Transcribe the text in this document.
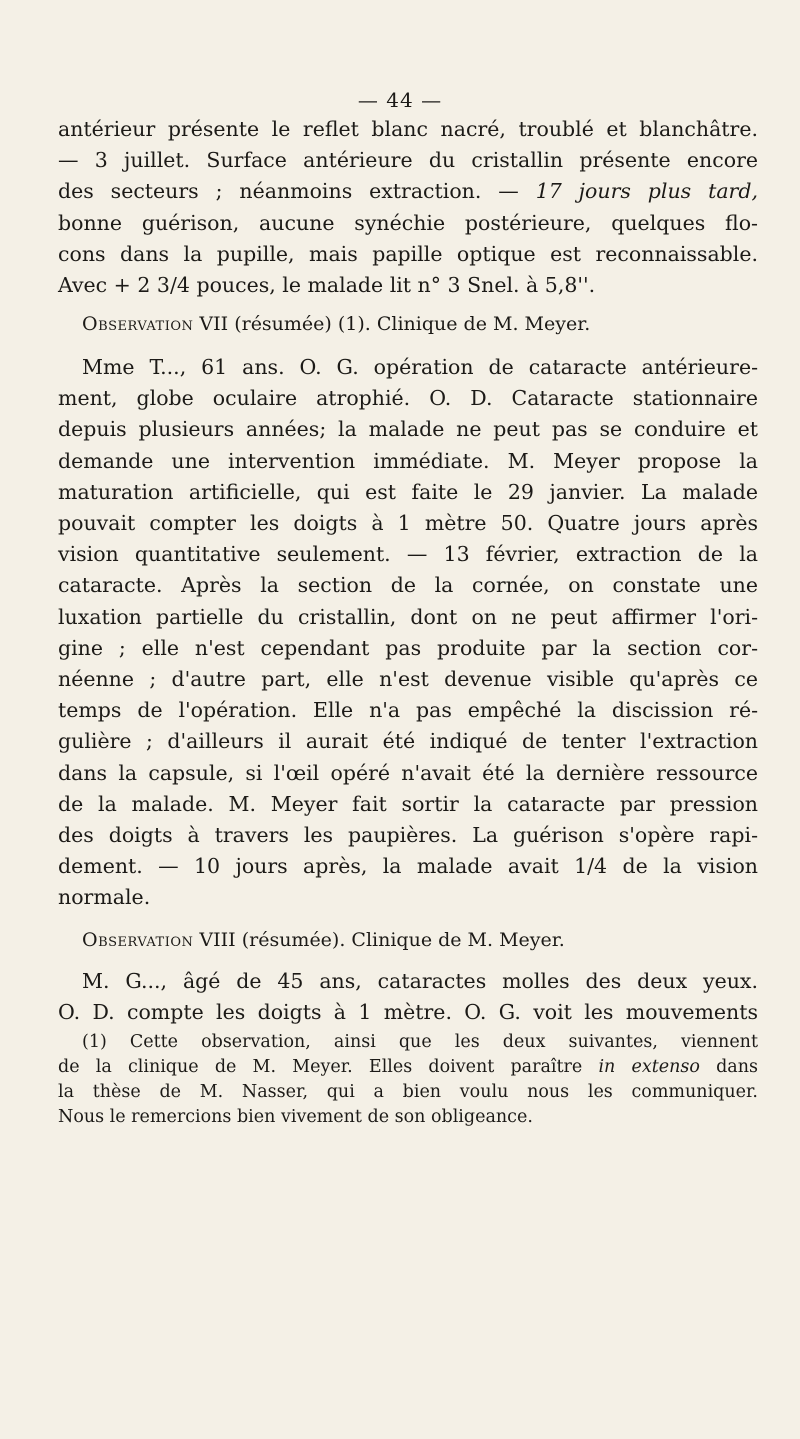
— 44 —
antérieur présente le reflet blanc nacré, troublé et blanchâtre.
— 3 juillet. Surface antérieure du cristallin présente encore
des secteurs ; néanmoins extraction. — 17 jours plus tard,
bonne guérison, aucune synéchie postérieure, quelques flo-
cons dans la pupille, mais papille optique est reconnaissable.
Avec + 2 3/4 pouces, le malade lit n° 3 Snel. à 5,8''.
Observation VII (résumée) (1). Clinique de M. Meyer.
Mme T..., 61 ans. O. G. opération de cataracte antérieure-
ment, globe oculaire atrophié. O. D. Cataracte stationnaire
depuis plusieurs années; la malade ne peut pas se conduire et
demande une intervention immédiate. M. Meyer propose la
maturation artificielle, qui est faite le 29 janvier. La malade
pouvait compter les doigts à 1 mètre 50. Quatre jours après
vision quantitative seulement. — 13 février, extraction de la
cataracte. Après la section de la cornée, on constate une
luxation partielle du cristallin, dont on ne peut affirmer l'ori-
gine ; elle n'est cependant pas produite par la section cor-
néenne ; d'autre part, elle n'est devenue visible qu'après ce
temps de l'opération. Elle n'a pas empêché la discission ré-
gulière ; d'ailleurs il aurait été indiqué de tenter l'extraction
dans la capsule, si l'œil opéré n'avait été la dernière ressource
de la malade. M. Meyer fait sortir la cataracte par pression
des doigts à travers les paupières. La guérison s'opère rapi-
dement. — 10 jours après, la malade avait 1/4 de la vision
normale.
Observation VIII (résumée). Clinique de M. Meyer.
M. G..., âgé de 45 ans, cataractes molles des deux yeux.
O. D. compte les doigts à 1 mètre. O. G. voit les mouvements
(1) Cette observation, ainsi que les deux suivantes, viennent
de la clinique de M. Meyer. Elles doivent paraître in extenso dans
la thèse de M. Nasser, qui a bien voulu nous les communiquer.
Nous le remercions bien vivement de son obligeance.
